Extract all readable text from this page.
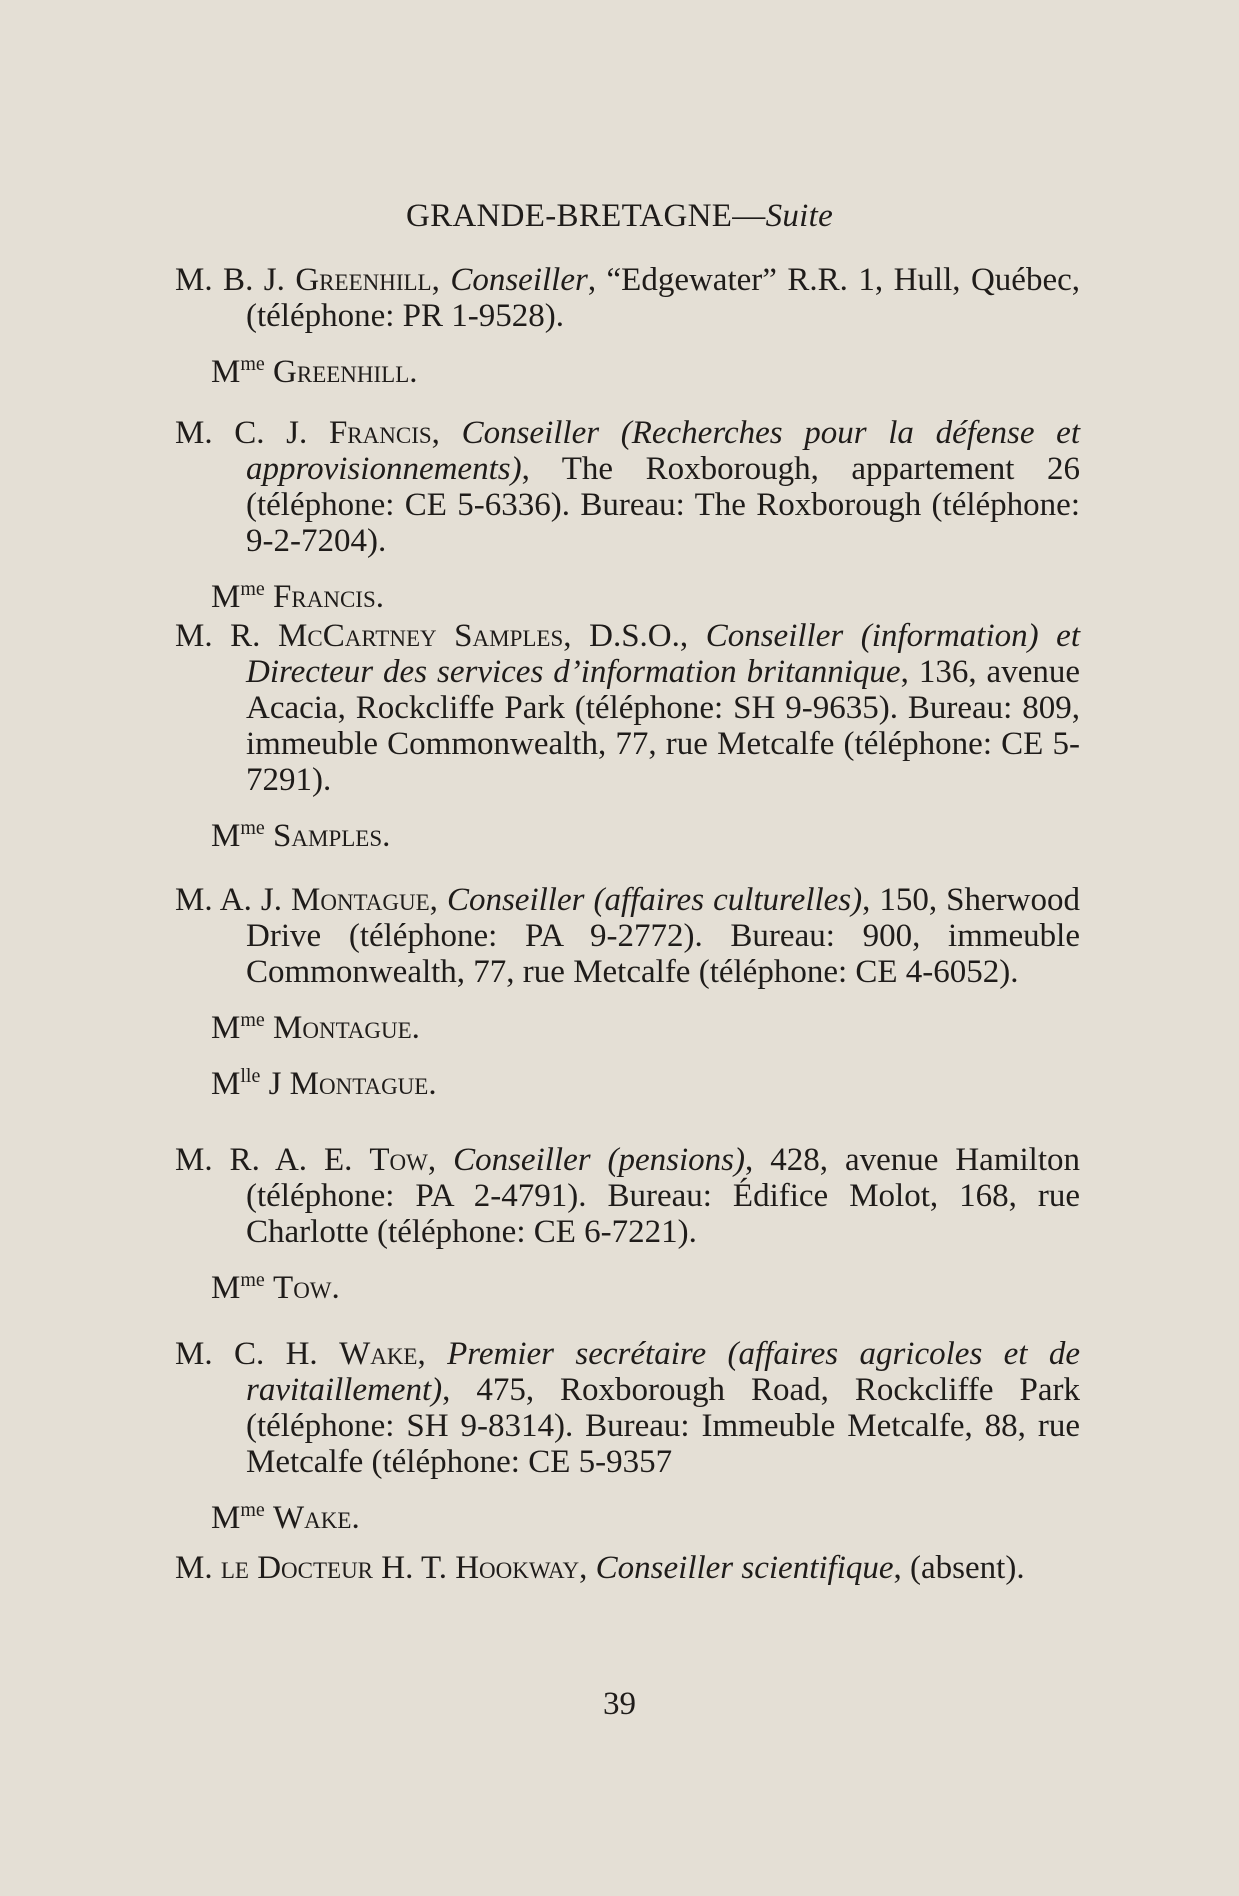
GRANDE-BRETAGNE—Suite
M. B. J. Greenhill, Conseiller, “Edgewater” R.R. 1, Hull, Québec, (téléphone: PR 1-9528).
$M^{me}$ Greenhill.
M. C. J. Francis, Conseiller (Recherches pour la défense et approvisionnements), The Roxborough, appartement 26 (téléphone: CE 5-6336). Bureau: The Roxborough (téléphone: 9-2-7204).
$M^{me}$ Francis.
M. R. McCartney Samples, D.S.O., Conseiller (information) et Directeur des services d’information britannique, 136, avenue Acacia, Rockcliffe Park (téléphone: SH 9-9635). Bureau: 809, immeuble Commonwealth, 77, rue Metcalfe (téléphone: CE 5-7291).
$M^{me}$ Samples.
M. A. J. Montague, Conseiller (affaires culturelles), 150, Sherwood Drive (téléphone: PA 9-2772). Bureau: 900, immeuble Commonwealth, 77, rue Metcalfe (téléphone: CE 4-6052).
$M^{me}$ Montague.
$M^{lle}$ J Montague.
M. R. A. E. Tow, Conseiller (pensions), 428, avenue Hamilton (téléphone: PA 2-4791). Bureau: Édifice Molot, 168, rue Charlotte (téléphone: CE 6-7221).
$M^{me}$ Tow.
M. C. H. Wake, Premier secrétaire (affaires agricoles et de ravitaillement), 475, Roxborough Road, Rockcliffe Park (téléphone: SH 9-8314). Bureau: Immeuble Metcalfe, 88, rue Metcalfe (téléphone: CE 5-9357
$M^{me}$ Wake.
M. le Docteur H. T. Hookway, Conseiller scientifique, (absent).
39
